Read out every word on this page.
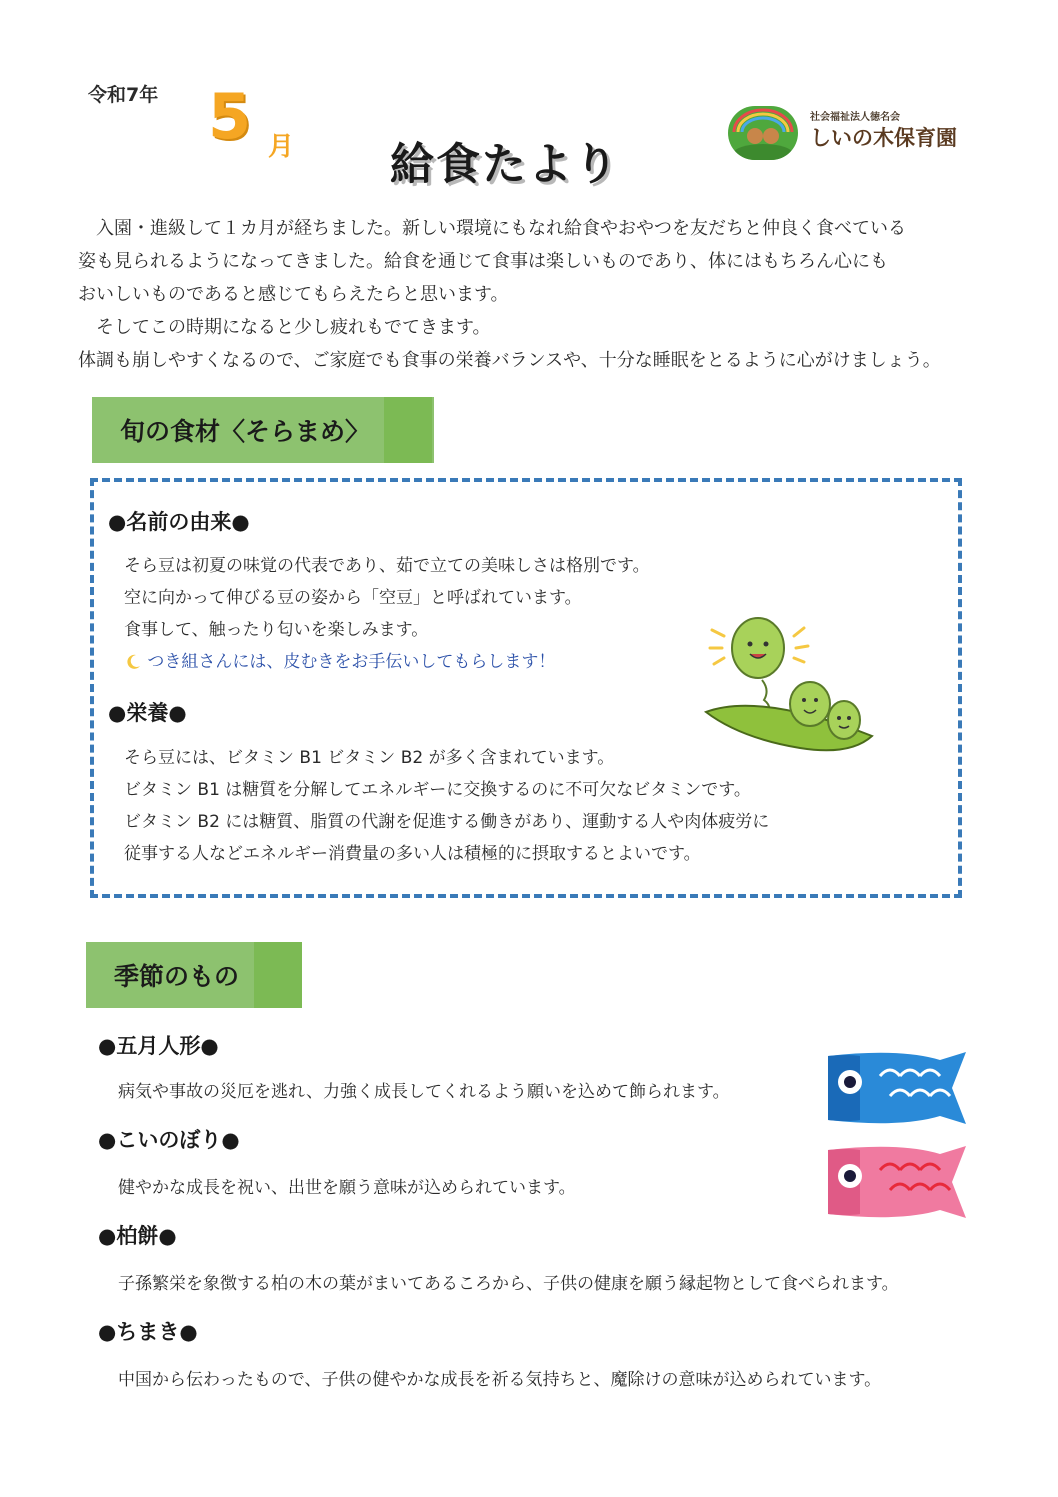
令和7年 5 月 給食たより
社会福祉法人徳名会
しいの木保育園

　入園・進級して１カ月が経ちました。新しい環境にもなれ給食やおやつを友だちと仲良く食べている

姿も見られるようになってきました。給食を通じて食事は楽しいものであり、体にはもちろん心にも

おいしいものであると感じてもらえたらと思います。

　そしてこの時期になると少し疲れもでてきます。

体調も崩しやすくなるので、ご家庭でも食事の栄養バランスや、十分な睡眠をとるように心がけましょう。

旬の食材〈そらまめ〉
●名前の由来●
そら豆は初夏の味覚の代表であり、茹で立ての美味しさは格別です。
空に向かって伸びる豆の姿から「空豆」と呼ばれています。
食事して、触ったり匂いを楽しみます。
つき組さんには、皮むきをお手伝いしてもらします！
●栄養●
そら豆には、ビタミン B1 ビタミン B2 が多く含まれています。
ビタミン B1 は糖質を分解してエネルギーに交換するのに不可欠なビタミンです。
ビタミン B2 には糖質、脂質の代謝を促進する働きがあり、運動する人や肉体疲労に
従事する人などエネルギー消費量の多い人は積極的に摂取するとよいです。
季節のもの
●五月人形●
病気や事故の災厄を逃れ、力強く成長してくれるよう願いを込めて飾られます。
●こいのぼり●
健やかな成長を祝い、出世を願う意味が込められています。
●柏餅●
子孫繁栄を象徴する柏の木の葉がまいてあるころから、子供の健康を願う縁起物として食べられます。
●ちまき●
中国から伝わったもので、子供の健やかな成長を祈る気持ちと、魔除けの意味が込められています。
